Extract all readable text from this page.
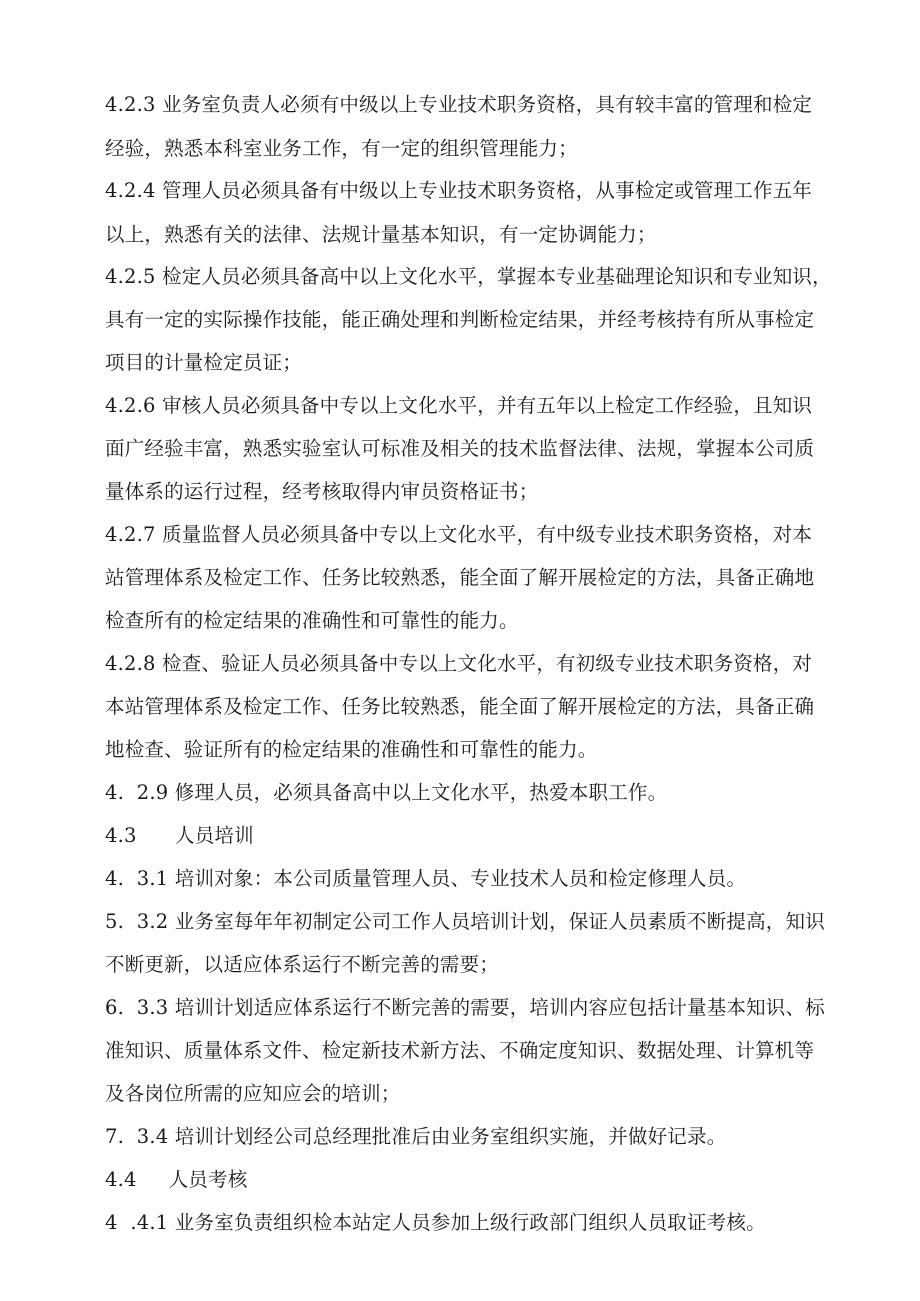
4.2.3 业务室负责人必须有中级以上专业技术职务资格，具有较丰富的管理和检定
经验，熟悉本科室业务工作，有一定的组织管理能力；
4.2.4 管理人员必须具备有中级以上专业技术职务资格，从事检定或管理工作五年
以上，熟悉有关的法律、法规计量基本知识，有一定协调能力；
4.2.5 检定人员必须具备高中以上文化水平，掌握本专业基础理论知识和专业知识，
具有一定的实际操作技能，能正确处理和判断检定结果，并经考核持有所从事检定
项目的计量检定员证；
4.2.6 审核人员必须具备中专以上文化水平，并有五年以上检定工作经验，且知识
面广经验丰富，熟悉实验室认可标准及相关的技术监督法律、法规，掌握本公司质
量体系的运行过程，经考核取得内审员资格证书；
4.2.7 质量监督人员必须具备中专以上文化水平，有中级专业技术职务资格，对本
站管理体系及检定工作、任务比较熟悉，能全面了解开展检定的方法，具备正确地
检查所有的检定结果的准确性和可靠性的能力。
4.2.8 检查、验证人员必须具备中专以上文化水平，有初级专业技术职务资格，对
本站管理体系及检定工作、任务比较熟悉，能全面了解开展检定的方法，具备正确
地检查、验证所有的检定结果的准确性和可靠性的能力。
4.  2.9 修理人员，必须具备高中以上文化水平，热爱本职工作。
4.3      人员培训
4.  3.1 培训对象：本公司质量管理人员、专业技术人员和检定修理人员。
5.  3.2 业务室每年年初制定公司工作人员培训计划，保证人员素质不断提高，知识
不断更新，以适应体系运行不断完善的需要；
6.  3.3 培训计划适应体系运行不断完善的需要，培训内容应包括计量基本知识、标
准知识、质量体系文件、检定新技术新方法、不确定度知识、数据处理、计算机等
及各岗位所需的应知应会的培训；
7.  3.4 培训计划经公司总经理批准后由业务室组织实施，并做好记录。
4.4     人员考核
4  .4.1 业务室负责组织检本站定人员参加上级行政部门组织人员取证考核。
